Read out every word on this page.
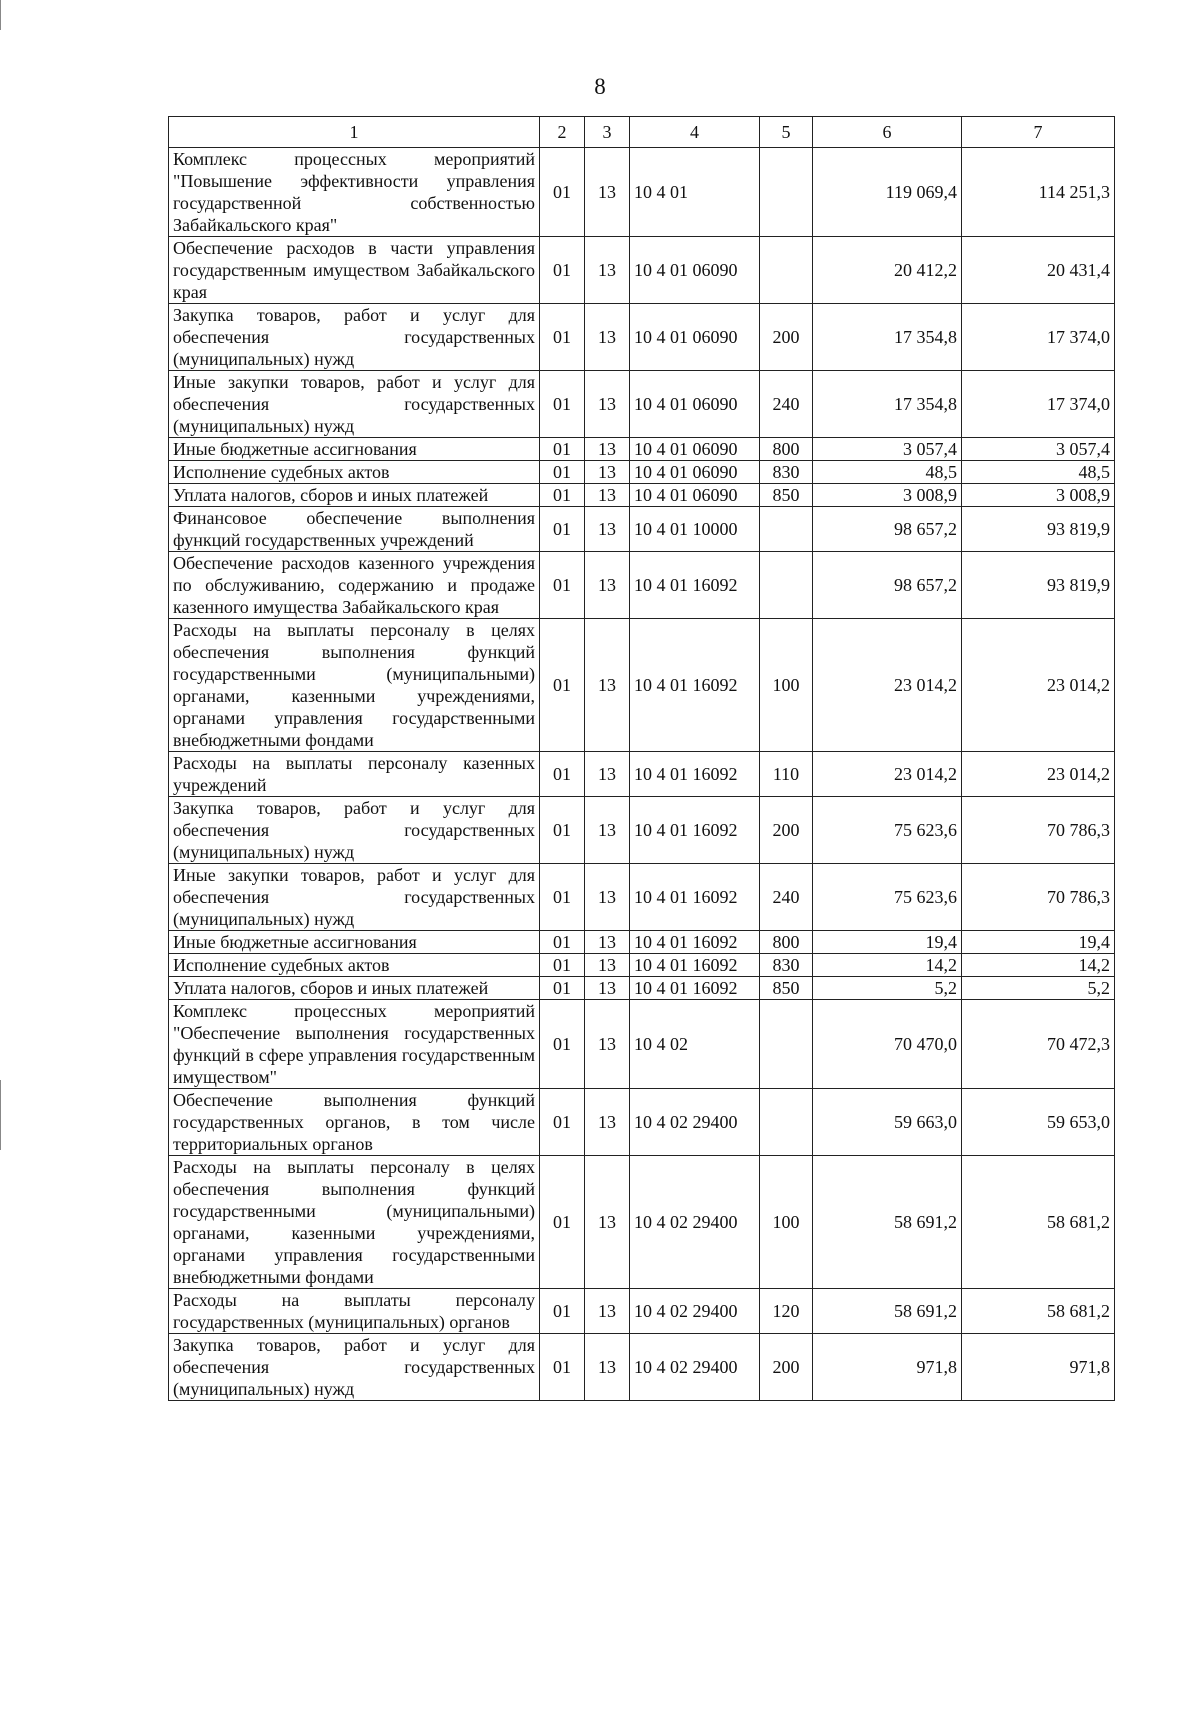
8
1	2	3	4	5	6	7
Комплекс процессных мероприятий "Повышение эффективности управления государственной собственностью Забайкальского края"	01	13	10 4 01		119 069,4	114 251,3
Обеспечение расходов в части управления государственным имуществом Забайкальского края	01	13	10 4 01 06090		20 412,2	20 431,4
Закупка товаров, работ и услуг для обеспечения государственных (муниципальных) нужд	01	13	10 4 01 06090	200	17 354,8	17 374,0
Иные закупки товаров, работ и услуг для обеспечения государственных (муниципальных) нужд	01	13	10 4 01 06090	240	17 354,8	17 374,0
Иные бюджетные ассигнования	01	13	10 4 01 06090	800	3 057,4	3 057,4
Исполнение судебных актов	01	13	10 4 01 06090	830	48,5	48,5
Уплата налогов, сборов и иных платежей	01	13	10 4 01 06090	850	3 008,9	3 008,9
Финансовое обеспечение выполнения функций государственных учреждений	01	13	10 4 01 10000		98 657,2	93 819,9
Обеспечение расходов казенного учреждения по обслуживанию, содержанию и продаже казенного имущества Забайкальского края	01	13	10 4 01 16092		98 657,2	93 819,9
Расходы на выплаты персоналу в целях обеспечения выполнения функций государственными (муниципальными) органами, казенными учреждениями, органами управления государственными внебюджетными фондами	01	13	10 4 01 16092	100	23 014,2	23 014,2
Расходы на выплаты персоналу казенных учреждений	01	13	10 4 01 16092	110	23 014,2	23 014,2
Закупка товаров, работ и услуг для обеспечения государственных (муниципальных) нужд	01	13	10 4 01 16092	200	75 623,6	70 786,3
Иные закупки товаров, работ и услуг для обеспечения государственных (муниципальных) нужд	01	13	10 4 01 16092	240	75 623,6	70 786,3
Иные бюджетные ассигнования	01	13	10 4 01 16092	800	19,4	19,4
Исполнение судебных актов	01	13	10 4 01 16092	830	14,2	14,2
Уплата налогов, сборов и иных платежей	01	13	10 4 01 16092	850	5,2	5,2
Комплекс процессных мероприятий "Обеспечение выполнения государственных функций в сфере управления государственным имуществом"	01	13	10 4 02		70 470,0	70 472,3
Обеспечение выполнения функций государственных органов, в том числе территориальных органов	01	13	10 4 02 29400		59 663,0	59 653,0
Расходы на выплаты персоналу в целях обеспечения выполнения функций государственными (муниципальными) органами, казенными учреждениями, органами управления государственными внебюджетными фондами	01	13	10 4 02 29400	100	58 691,2	58 681,2
Расходы на выплаты персоналу государственных (муниципальных) органов	01	13	10 4 02 29400	120	58 691,2	58 681,2
Закупка товаров, работ и услуг для обеспечения государственных (муниципальных) нужд	01	13	10 4 02 29400	200	971,8	971,8
